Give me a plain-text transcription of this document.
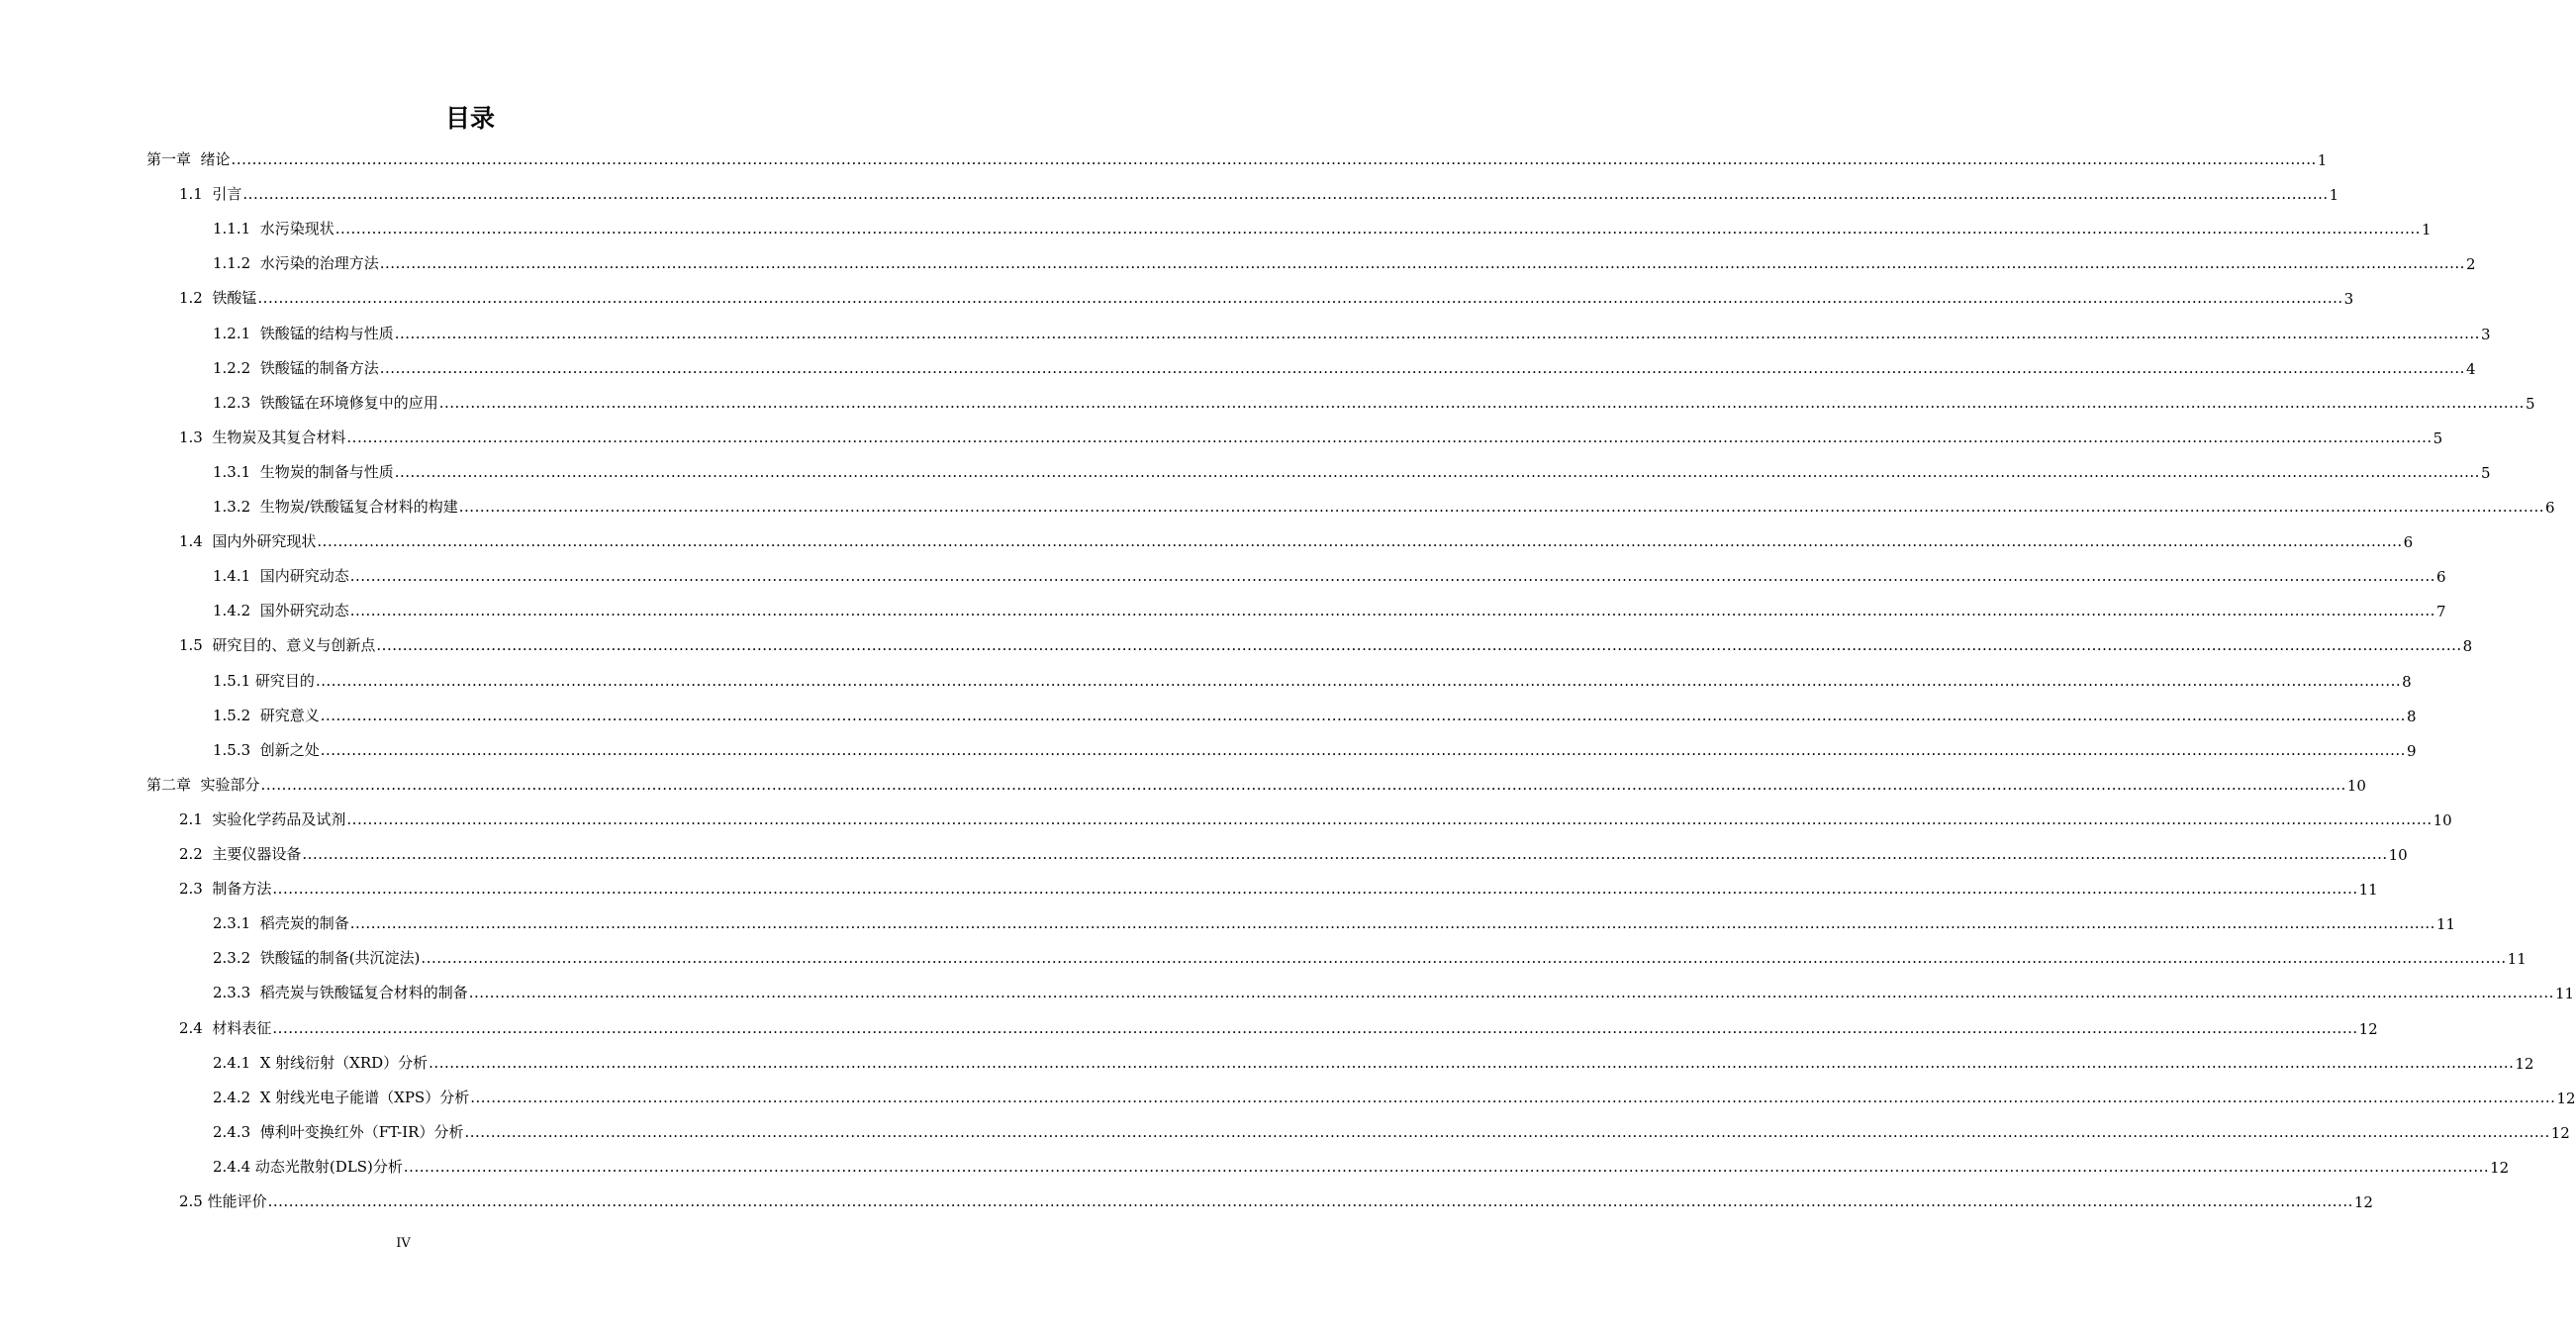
目录
第一章  绪论 ................................................................................................................................................................................................................................................................................................................................................................................................................ 1
1.1  引言 ................................................................................................................................................................................................................................................................................................................................................................................................................ 1
1.1.1  水污染现状 ................................................................................................................................................................................................................................................................................................................................................................................................................ 1
1.1.2  水污染的治理方法 ................................................................................................................................................................................................................................................................................................................................................................................................................ 2
1.2  铁酸锰 ................................................................................................................................................................................................................................................................................................................................................................................................................ 3
1.2.1  铁酸锰的结构与性质 ................................................................................................................................................................................................................................................................................................................................................................................................................ 3
1.2.2  铁酸锰的制备方法 ................................................................................................................................................................................................................................................................................................................................................................................................................ 4
1.2.3  铁酸锰在环境修复中的应用 ................................................................................................................................................................................................................................................................................................................................................................................................................ 5
1.3  生物炭及其复合材料 ................................................................................................................................................................................................................................................................................................................................................................................................................ 5
1.3.1  生物炭的制备与性质 ................................................................................................................................................................................................................................................................................................................................................................................................................ 5
1.3.2  生物炭/铁酸锰复合材料的构建 ................................................................................................................................................................................................................................................................................................................................................................................................................ 6
1.4  国内外研究现状 ................................................................................................................................................................................................................................................................................................................................................................................................................ 6
1.4.1  国内研究动态 ................................................................................................................................................................................................................................................................................................................................................................................................................ 6
1.4.2  国外研究动态 ................................................................................................................................................................................................................................................................................................................................................................................................................ 7
1.5  研究目的、意义与创新点 ................................................................................................................................................................................................................................................................................................................................................................................................................ 8
1.5.1 研究目的 ................................................................................................................................................................................................................................................................................................................................................................................................................ 8
1.5.2  研究意义 ................................................................................................................................................................................................................................................................................................................................................................................................................ 8
1.5.3  创新之处 ................................................................................................................................................................................................................................................................................................................................................................................................................ 9
第二章  实验部分 ................................................................................................................................................................................................................................................................................................................................................................................................................ 10
2.1  实验化学药品及试剂 ................................................................................................................................................................................................................................................................................................................................................................................................................ 10
2.2  主要仪器设备 ................................................................................................................................................................................................................................................................................................................................................................................................................ 10
2.3  制备方法 ................................................................................................................................................................................................................................................................................................................................................................................................................ 11
2.3.1  稻壳炭的制备 ................................................................................................................................................................................................................................................................................................................................................................................................................ 11
2.3.2  铁酸锰的制备(共沉淀法) ................................................................................................................................................................................................................................................................................................................................................................................................................ 11
2.3.3  稻壳炭与铁酸锰复合材料的制备 ................................................................................................................................................................................................................................................................................................................................................................................................................ 11
2.4  材料表征 ................................................................................................................................................................................................................................................................................................................................................................................................................ 12
2.4.1  X 射线衍射（XRD）分析 ................................................................................................................................................................................................................................................................................................................................................................................................................ 12
2.4.2  X 射线光电子能谱（XPS）分析 ................................................................................................................................................................................................................................................................................................................................................................................................................ 12
2.4.3  傅利叶变换红外（FT-IR）分析 ................................................................................................................................................................................................................................................................................................................................................................................................................ 12
2.4.4 动态光散射(DLS)分析 ................................................................................................................................................................................................................................................................................................................................................................................................................ 12
2.5 性能评价 ................................................................................................................................................................................................................................................................................................................................................................................................................ 12
IV
